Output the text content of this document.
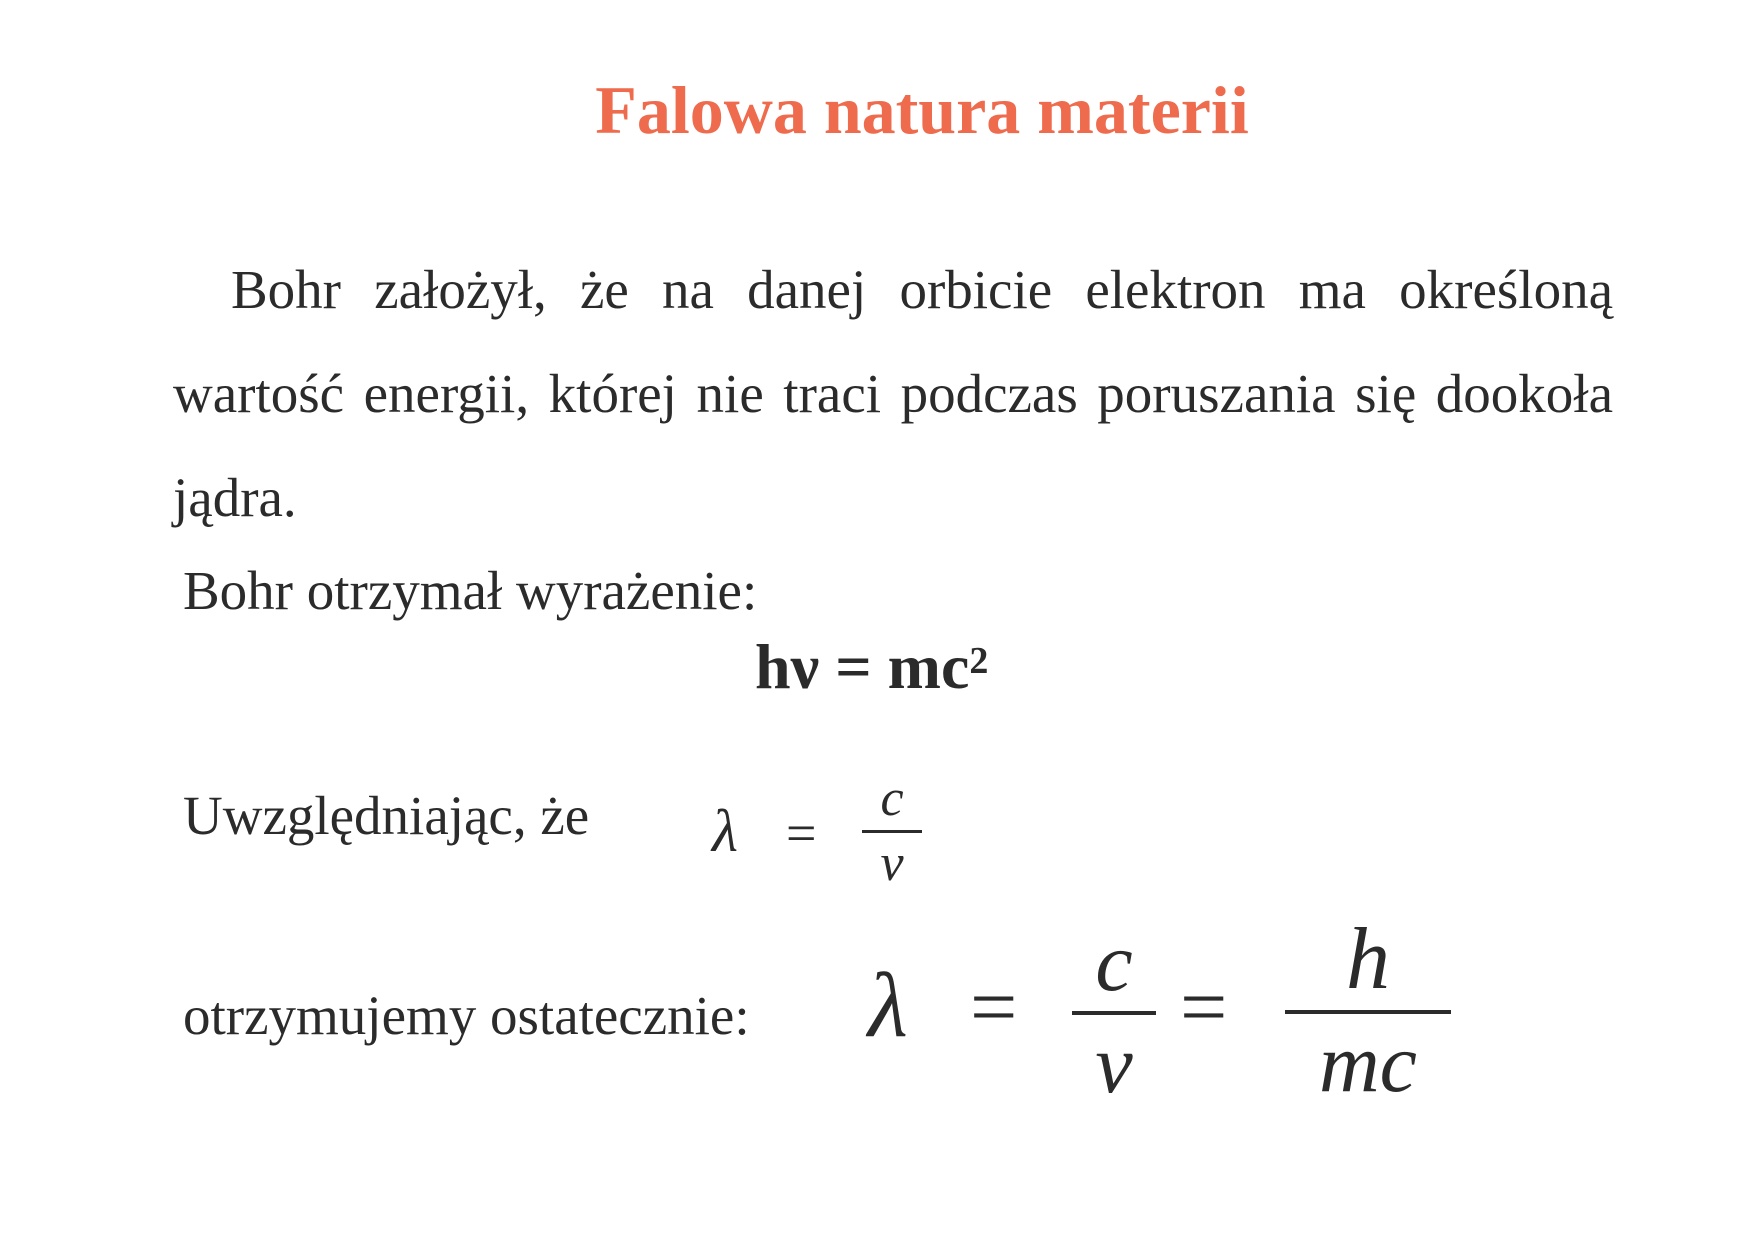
Falowa natura materii
Bohr założył, że na danej orbicie elektron ma określoną wartość energii, której nie traci podczas poruszania się dookoła jądra.
Bohr otrzymał wyrażenie:
$h\nu = mc^2$
Uwzględniając, że λ =
c
ν
otrzymujemy ostatecznie: λ = c
ν
= h
mc
